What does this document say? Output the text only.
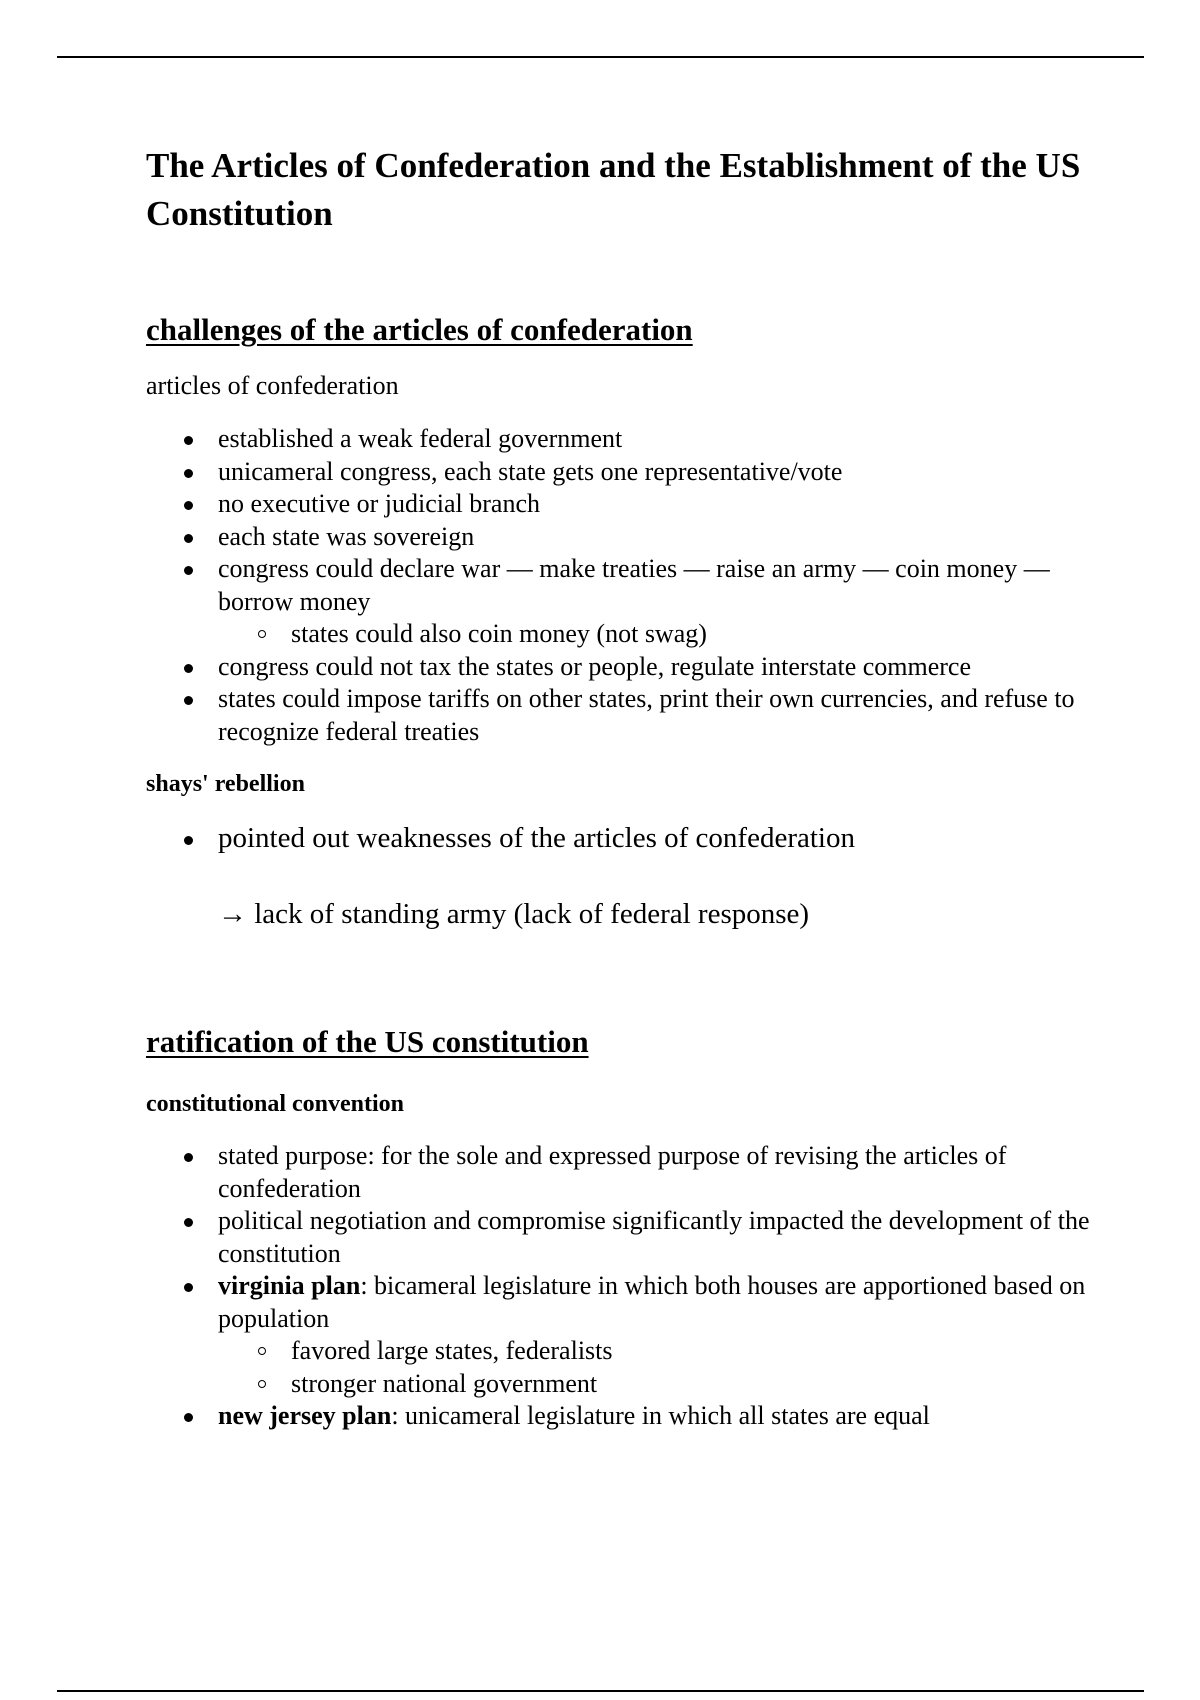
The Articles of Confederation and the Establishment of the US Constitution
challenges of the articles of confederation

articles of confederation

established a weak federal government
unicameral congress, each state gets one representative/vote
no executive or judicial branch
each state was sovereign
congress could declare war — make treaties — raise an army — coin money — borrow money
states could also coin money (not swag)
congress could not tax the states or people, regulate interstate commerce
states could impose tariffs on other states, print their own currencies, and refuse to recognize federal treaties
shays' rebellion
pointed out weaknesses of the articles of confederation
→ lack of standing army (lack of federal response)
ratification of the US constitution
constitutional convention
stated purpose: for the sole and expressed purpose of revising the articles of confederation
political negotiation and compromise significantly impacted the development of the constitution
virginia plan: bicameral legislature in which both houses are apportioned based on population
favored large states, federalists
stronger national government
new jersey plan: unicameral legislature in which all states are equal
